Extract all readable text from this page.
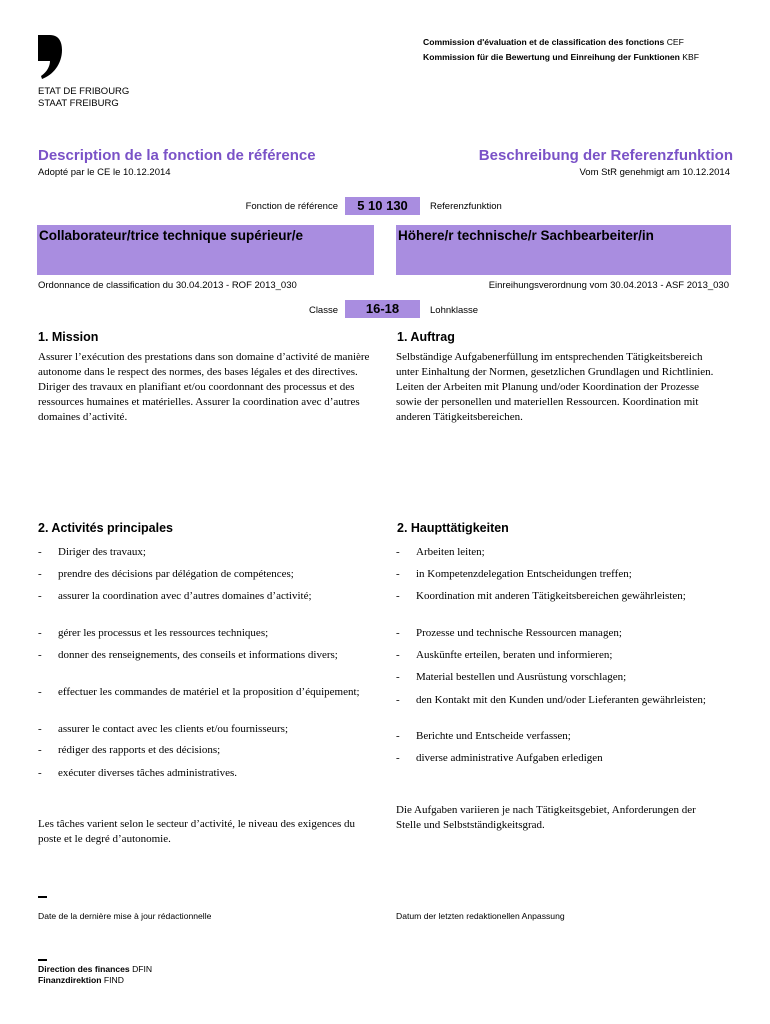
ETAT DE FRIBOURG
STAAT FREIBURG
Commission d'évaluation et de classification des fonctions CEF
Kommission für die Bewertung und Einreihung der Funktionen KBF
Description de la fonction de référence	Beschreibung der Referenzfunktion
Adopté par le CE le 10.12.2014	Vom StR genehmigt am 10.12.2014
Fonction de référence	5 10 130	Referenzfunktion
Collaborateur/trice technique supérieur/e	Höhere/r technische/r Sachbearbeiter/in
Ordonnance de classification du 30.04.2013 - ROF 2013_030	Einreihungsverordnung vom 30.04.2013 - ASF 2013_030
Classe	16-18	Lohnklasse
1. Mission	1. Auftrag
Assurer l’exécution des prestations dans son domaine d’activité de manière autonome dans le respect des normes, des bases légales et des directives. Diriger des travaux en planifiant et/ou coordonnant des processus et des ressources humaines et matérielles. Assurer la coordination avec d’autres domaines d’activité.
Selbständige Aufgabenerfüllung im entsprechenden Tätigkeitsbereich unter Einhaltung der Normen, gesetzlichen Grundlagen und Richtlinien. Leiten der Arbeiten mit Planung und/oder Koordination der Prozesse sowie der personellen und materiellen Ressourcen. Koordination mit anderen Tätigkeitsbereichen.
2. Activités principales	2. Haupttätigkeiten
- Diriger des travaux;
- prendre des décisions par délégation de compétences;
- assurer la coordination avec d’autres domaines d’activité;
- gérer les processus et les ressources techniques;
- donner des renseignements, des conseils et informations divers;
- effectuer les commandes de matériel et la proposition d’équipement;
- assurer le contact avec les clients et/ou fournisseurs;
- rédiger des rapports et des décisions;
- exécuter diverses tâches administratives.
- Arbeiten leiten;
- in Kompetenzdelegation Entscheidungen treffen;
- Koordination mit anderen Tätigkeitsbereichen gewährleisten;
- Prozesse und technische Ressourcen managen;
- Auskünfte erteilen, beraten und informieren;
- Material bestellen und Ausrüstung vorschlagen;
- den Kontakt mit den Kunden und/oder Lieferanten gewährleisten;
- Berichte und Entscheide verfassen;
- diverse administrative Aufgaben erledigen
Les tâches varient selon le secteur d’activité, le niveau des exigences du poste et le degré d’autonomie.
Die Aufgaben variieren je nach Tätigkeitsgebiet, Anforderungen der Stelle und Selbstständigkeitsgrad.
Date de la dernière mise à jour rédactionnelle	Datum der letzten redaktionellen Anpassung
Direction des finances DFIN
Finanzdirektion FIND
